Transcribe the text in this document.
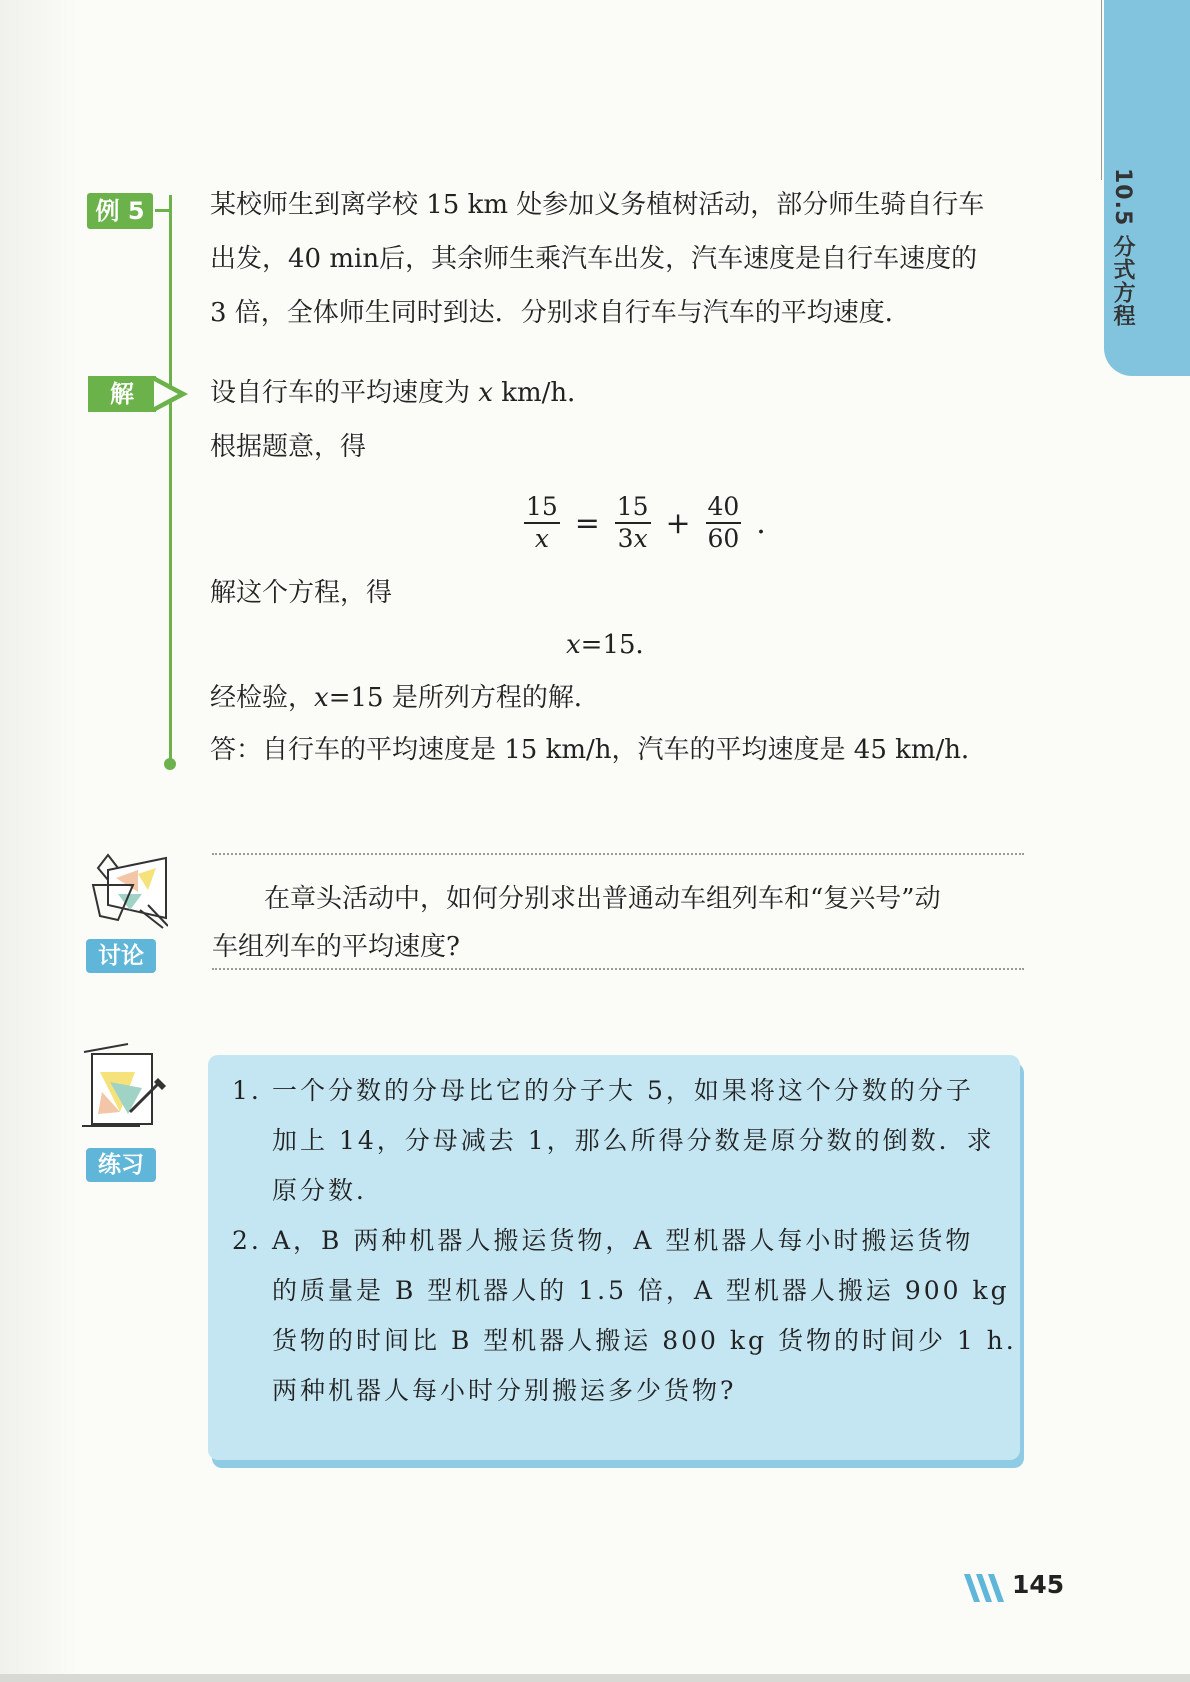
10.5 分式方程
例 5	某校师生到离学校 15 km 处参加义务植树活动，部分师生骑自行车
出发，40 min后，其余师生乘汽车出发，汽车速度是自行车速度的
3 倍，全体师生同时到达．分别求自行车与汽车的平均速度．
解	设自行车的平均速度为 x km/h．
根据题意，得
$\frac{15}{x} = \frac{15}{3x} + \frac{40}{60}$ .
解这个方程，得
x=15．
经检验，x=15 是所列方程的解．
答：自行车的平均速度是 15 km/h，汽车的平均速度是 45 km/h．
讨论
在章头活动中，如何分别求出普通动车组列车和“复兴号”动
车组列车的平均速度?
练习
1. 一个分数的分母比它的分子大 5，如果将这个分数的分子
加上 14，分母减去 1，那么所得分数是原分数的倒数．求
原分数．
2. A，B 两种机器人搬运货物，A 型机器人每小时搬运货物
的质量是 B 型机器人的 1.5 倍，A 型机器人搬运 900 kg
货物的时间比 B 型机器人搬运 800 kg 货物的时间少 1 h．
两种机器人每小时分别搬运多少货物?
145
